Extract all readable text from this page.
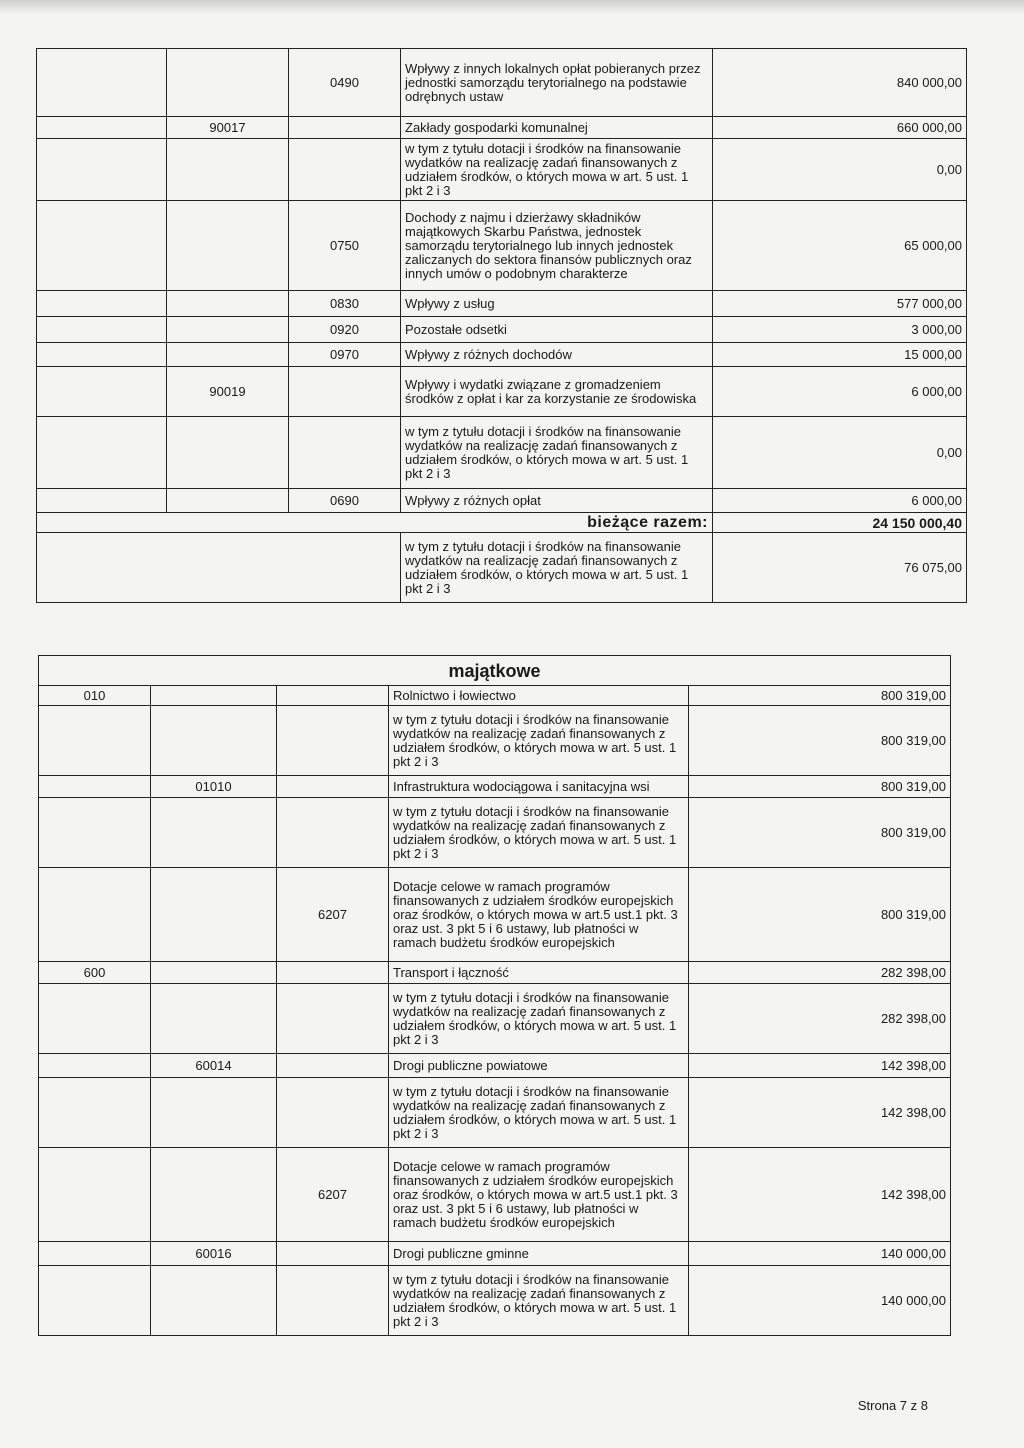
		0490	Wpływy z innych lokalnych opłat pobieranych przez jednostki samorządu terytorialnego na podstawie odrębnych ustaw	840 000,00
	90017		Zakłady gospodarki komunalnej	660 000,00
			w tym z tytułu dotacji i środków na finansowanie wydatków na realizację zadań finansowanych z udziałem środków, o których mowa w art. 5 ust. 1 pkt 2 i 3	0,00
		0750	Dochody z najmu i dzierżawy składników majątkowych Skarbu Państwa, jednostek samorządu terytorialnego lub innych jednostek zaliczanych do sektora finansów publicznych oraz innych umów o podobnym charakterze	65 000,00
		0830	Wpływy z usług	577 000,00
		0920	Pozostałe odsetki	3 000,00
		0970	Wpływy z różnych dochodów	15 000,00
	90019		Wpływy i wydatki związane z gromadzeniem środków z opłat i kar za korzystanie ze środowiska	6 000,00
			w tym z tytułu dotacji i środków na finansowanie wydatków na realizację zadań finansowanych z udziałem środków, o których mowa w art. 5 ust. 1 pkt 2 i 3	0,00
		0690	Wpływy z różnych opłat	6 000,00
bieżące razem:				24 150 000,40
			w tym z tytułu dotacji i środków na finansowanie wydatków na realizację zadań finansowanych z udziałem środków, o których mowa w art. 5 ust. 1 pkt 2 i 3	76 075,00
majątkowe				
010			Rolnictwo i łowiectwo	800 319,00
			w tym z tytułu dotacji i środków na finansowanie wydatków na realizację zadań finansowanych z udziałem środków, o których mowa w art. 5 ust. 1 pkt 2 i 3	800 319,00
	01010		Infrastruktura wodociągowa i sanitacyjna wsi	800 319,00
			w tym z tytułu dotacji i środków na finansowanie wydatków na realizację zadań finansowanych z udziałem środków, o których mowa w art. 5 ust. 1 pkt 2 i 3	800 319,00
		6207	Dotacje celowe w ramach programów finansowanych z udziałem środków europejskich oraz środków, o których mowa w art.5 ust.1 pkt. 3 oraz ust. 3 pkt 5 i 6 ustawy, lub płatności w ramach budżetu środków europejskich	800 319,00
600			Transport i łączność	282 398,00
			w tym z tytułu dotacji i środków na finansowanie wydatków na realizację zadań finansowanych z udziałem środków, o których mowa w art. 5 ust. 1 pkt 2 i 3	282 398,00
	60014		Drogi publiczne powiatowe	142 398,00
			w tym z tytułu dotacji i środków na finansowanie wydatków na realizację zadań finansowanych z udziałem środków, o których mowa w art. 5 ust. 1 pkt 2 i 3	142 398,00
		6207	Dotacje celowe w ramach programów finansowanych z udziałem środków europejskich oraz środków, o których mowa w art.5 ust.1 pkt. 3 oraz ust. 3 pkt 5 i 6 ustawy, lub płatności w ramach budżetu środków europejskich	142 398,00
	60016		Drogi publiczne gminne	140 000,00
			w tym z tytułu dotacji i środków na finansowanie wydatków na realizację zadań finansowanych z udziałem środków, o których mowa w art. 5 ust. 1 pkt 2 i 3	140 000,00
Strona 7 z 8
